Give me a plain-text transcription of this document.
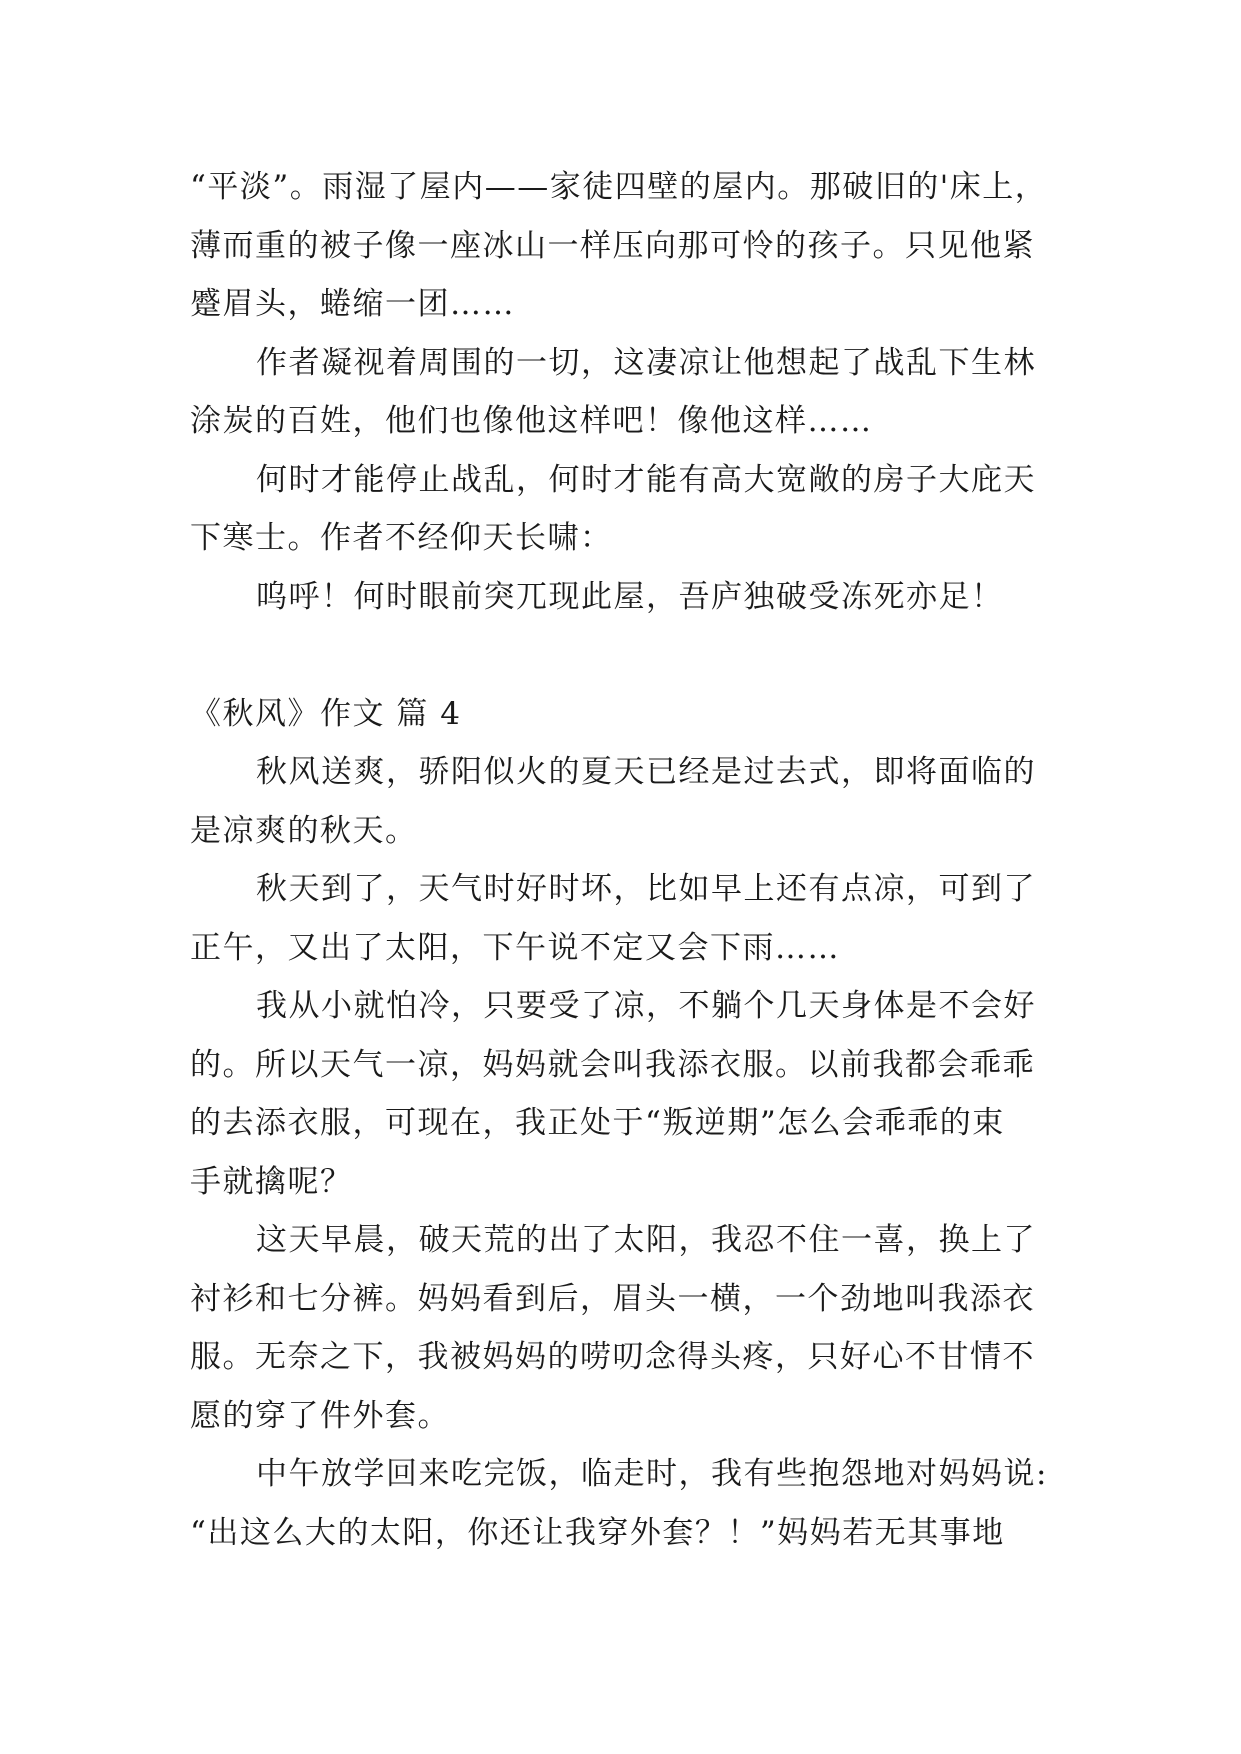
“平淡”。雨湿了屋内——家徒四壁的屋内。那破旧的'床上，
薄而重的被子像一座冰山一样压向那可怜的孩子。只见他紧
蹙眉头，蜷缩一团……
作者凝视着周围的一切，这凄凉让他想起了战乱下生林
涂炭的百姓，他们也像他这样吧！像他这样……
何时才能停止战乱，何时才能有高大宽敞的房子大庇天
下寒士。作者不经仰天长啸：
呜呼！何时眼前突兀现此屋，吾庐独破受冻死亦足！
《秋风》作文 篇 4
秋风送爽，骄阳似火的夏天已经是过去式，即将面临的
是凉爽的秋天。
秋天到了，天气时好时坏，比如早上还有点凉，可到了
正午，又出了太阳，下午说不定又会下雨……
我从小就怕冷，只要受了凉，不躺个几天身体是不会好
的。所以天气一凉，妈妈就会叫我添衣服。以前我都会乖乖
的去添衣服，可现在，我正处于“叛逆期”怎么会乖乖的束
手就擒呢？
这天早晨，破天荒的出了太阳，我忍不住一喜，换上了
衬衫和七分裤。妈妈看到后，眉头一横，一个劲地叫我添衣
服。无奈之下，我被妈妈的唠叨念得头疼，只好心不甘情不
愿的穿了件外套。
中午放学回来吃完饭，临走时，我有些抱怨地对妈妈说:
“出这么大的太阳，你还让我穿外套？！”妈妈若无其事地
